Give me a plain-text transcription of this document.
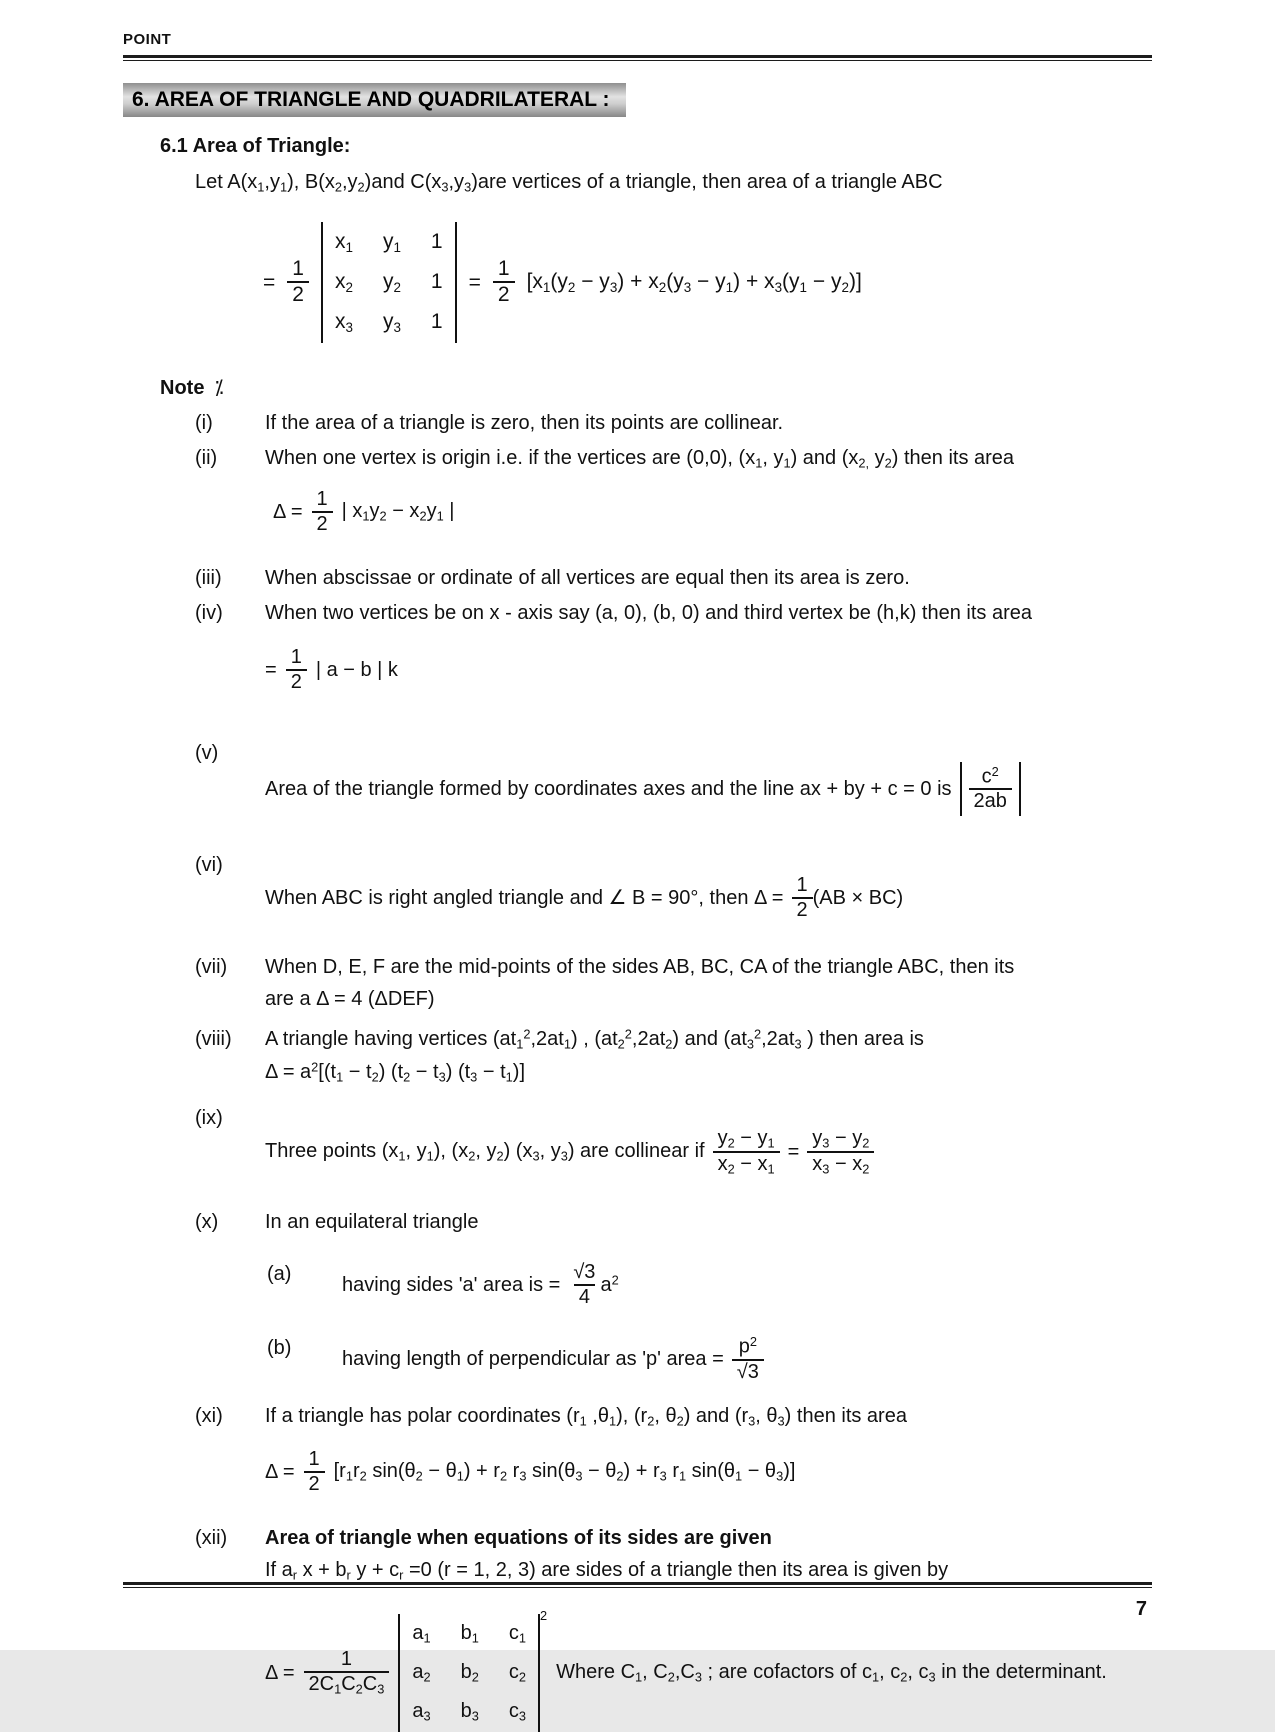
POINT
6. AREA OF TRIANGLE AND QUADRILATERAL :
6.1 Area of Triangle:
Let $A(x_1,y_1)$, $B(x_2,y_2)and$ $C(x_3,y_3)are$ vertices of a triangle, then area of a triangle ABC
= $\frac{1}{2}$
$x_1$ $y_1$ 1
$x_2$ $y_2$ 1
$x_3$ $y_3$ 1
= $\frac{1}{2} [x_1(y_2 - y_3) + x_2(y_3 - y_1) + x_3(y_1 - y_2)]$
Note ⁒
(i)	If the area of a triangle is zero, then its points are collinear.
(ii)	When one vertex is origin i.e. if the vertices are (0,0), ($x_1$, $y_1$) and ($x_{2,}$ $y_2$) then its area
$\Delta = \frac{1}{2}$ | $x_1y_2 - x_2y_1$ |
(iii)	When abscissae or ordinate of all vertices are equal then its area is zero.
(iv)	When two vertices be on x - axis say (a, 0), (b, 0) and third vertex be (h,k) then its area
= $\frac{1}{2}$ | a − b | k
(v)
Area of the triangle formed by coordinates axes and the line ax + by + c = 0 is $\frac{c^2}{2ab}$
(vi)
When ABC is right angled triangle and ∠ B = 90°, then $\Delta = \frac{1}{2} (AB \times BC)$
(vii)	When D, E, F are the mid-points of the sides AB, BC, CA of the triangle ABC, then its
are a Δ = 4 (ΔDEF)
(viii)	A triangle having vertices $(at_1^2,2at_1)$ , $(at_2^2,2at_2)$ and ($at_3^2,2at_3$ ) then area is
$\Delta = a^2[(t_1 - t_2) (t_2 - t_3) (t_3 - t_1)]$
(ix)
Three points ($x_1$, $y_1$), ($x_2$, $y_2$) ($x_3$, $y_3$) are collinear if $\frac{y_2 - y_1}{x_2 - x_1} = \frac{y_3 - y_2}{x_3 - x_2}$
(x)	In an equilateral triangle
(a)	having sides 'a' area is = $\frac{√3}{4} a^2$
(b)
having length of perpendicular as 'p' area = $\frac{p^2}{√3}$
(xi)	If a triangle has polar coordinates ($r_1$ $,\theta_1$), ($r_2$, $\theta_2$) and ($r_3$, $\theta_3$) then its area
$\Delta = \frac{1}{2} [r_1r_2$ $\sin(\theta_2 - \theta_1) + r_2$ $r_3$ $\sin(\theta_3 - \theta_2) + r_3$ $r_1$ $\sin(\theta_1 - \theta_3)$]
(xii)	Area of triangle when equations of its sides are given
If $a_r$ $x + b_r$ $y + c_r =0$ (r = 1, 2, 3) are sides of a triangle then its area is given by
$\Delta = \frac{1}{2C_1C_2C_3}$
$a_1$ $b_1$ $c_1$
$a_2$ $b_2$ $c_2$
$a_3$ $b_3$ $c_3$
2
Where $C_1$, $C_2,C_3$ ; are cofactors of $c_1$, $c_2$, $c_3$ in the determinant.
7
